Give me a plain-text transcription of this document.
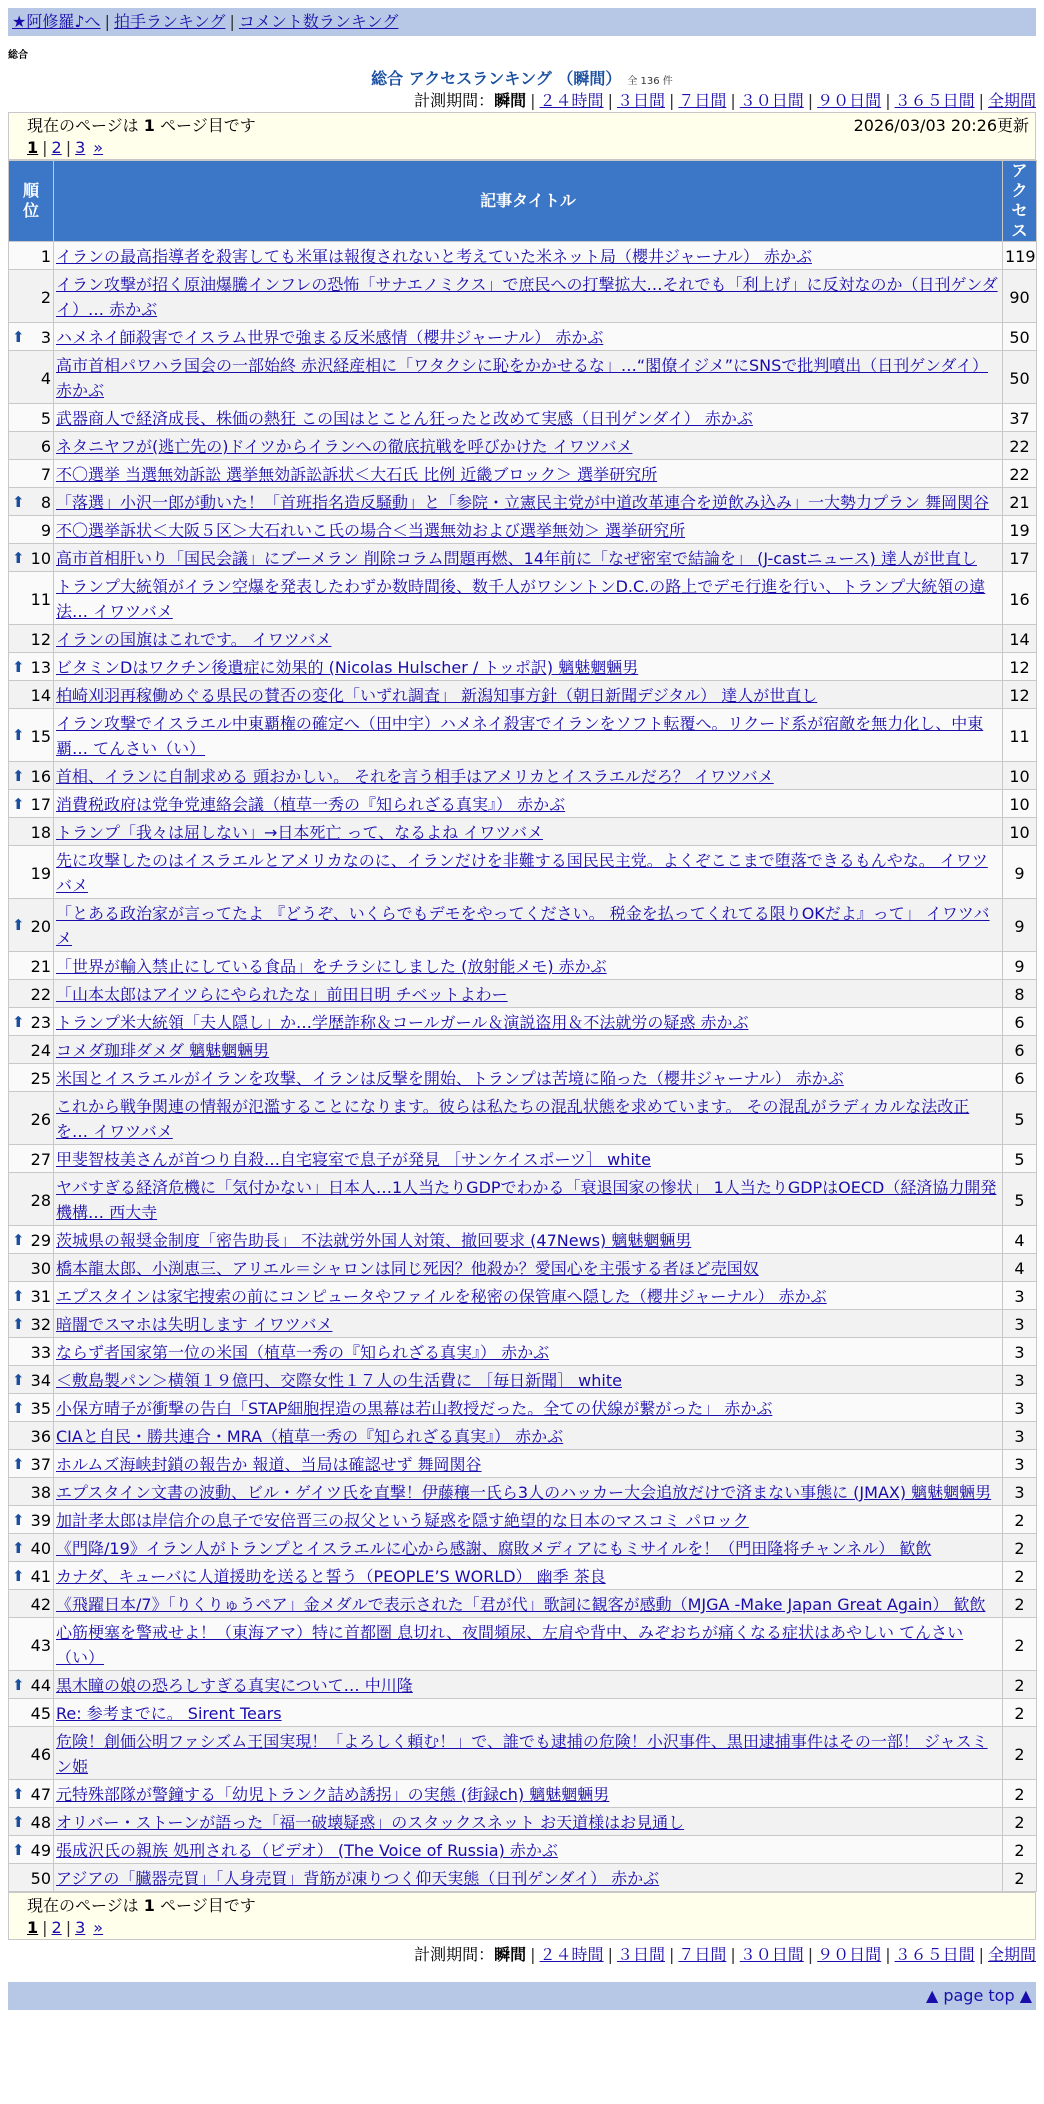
★阿修羅♪へ | 拍手ランキング | コメント数ランキング
総合
総合 アクセスランキング （瞬間） 全 136 件
計測期間：瞬間 | ２４時間 | ３日間 | ７日間 | ３０日間 | ９０日間 | ３６５日間 | 全期間
現在のページは 1 ページ目です	2026/03/03 20:26更新
1 | 2 | 3 »
順位	記事タイトル	アクセス
1	イランの最高指導者を殺害しても米軍は報復されないと考えていた米ネット局（櫻井ジャーナル） 赤かぶ	119
2	イラン攻撃が招く原油爆騰インフレの恐怖「サナエノミクス」で庶民への打撃拡大…それでも「利上げ」に反対なのか（日刊ゲンダイ）… 赤かぶ	90

⬆ 3	ハメネイ師殺害でイスラム世界で強まる反米感情（櫻井ジャーナル） 赤かぶ	50
4	高市首相パワハラ国会の一部始終 赤沢経産相に「ワタクシに恥をかかせるな」…“閣僚イジメ”にSNSで批判噴出（日刊ゲンダイ） 赤かぶ	50
5	武器商人で経済成長、株価の熱狂 この国はとことん狂ったと改めて実感（日刊ゲンダイ） 赤かぶ	37
6	ネタニヤフが(逃亡先の)ドイツからイランへの徹底抗戦を呼びかけた イワツバメ	22
7	不〇選挙 当選無効訴訟 選挙無効訴訟訴状＜大石氏 比例 近畿ブロック＞ 選挙研究所	22

⬆ 8	「落選」小沢一郎が動いた！「首班指名造反騒動」と「参院・立憲民主党が中道改革連合を逆飲み込み」一大勢力プラン 舞岡関谷	21
9	不〇選挙訴状＜大阪５区＞大石れいこ氏の場合＜当選無効および選挙無効＞ 選挙研究所	19

⬆ 10	高市首相肝いり「国民会議」にブーメラン 削除コラム問題再燃、14年前に「なぜ密室で結論を」 (J-castニュース) 達人が世直し	17
11	トランプ大統領がイラン空爆を発表したわずか数時間後、数千人がワシントンD.C.の路上でデモ行進を行い、トランプ大統領の違法… イワツバメ	16
12	イランの国旗はこれです。 イワツバメ	14

⬆ 13	ビタミンDはワクチン後遺症に効果的 (Nicolas Hulscher / トッポ訳) 魑魅魍魎男	12
14	柏崎刈羽再稼働めぐる県民の賛否の変化「いずれ調査」 新潟知事方針（朝日新聞デジタル） 達人が世直し	12

⬆ 15	イラン攻撃でイスラエル中東覇権の確定へ（田中宇）ハメネイ殺害でイランをソフト転覆へ。リクード系が宿敵を無力化し、中東覇… てんさい（い）	11

⬆ 16	首相、イランに自制求める 頭おかしい。 それを言う相手はアメリカとイスラエルだろ？ イワツバメ	10

⬆ 17	消費税政府は党争党連絡会議（植草一秀の『知られざる真実』） 赤かぶ	10
18	トランプ「我々は屈しない」→日本死亡 って、なるよね イワツバメ	10
19	先に攻撃したのはイスラエルとアメリカなのに、イランだけを非難する国民民主党。よくぞここまで堕落できるもんやな。 イワツバメ	9

⬆ 20	「とある政治家が言ってたよ 『どうぞ、いくらでもデモをやってください。 税金を払ってくれてる限りOKだよ』って」 イワツバメ	9
21	「世界が輸入禁止にしている食品」をチラシにしました (放射能メモ) 赤かぶ	9
22	「山本太郎はアイツらにやられたな」前田日明 チベットよわー	8

⬆ 23	トランプ米大統領「夫人隠し」か…学歴詐称＆コールガール＆演説盗用＆不法就労の疑惑 赤かぶ	6
24	コメダ珈琲ダメダ 魑魅魍魎男	6
25	米国とイスラエルがイランを攻撃、イランは反撃を開始、トランプは苦境に陥った（櫻井ジャーナル） 赤かぶ	6
26	これから戦争関連の情報が氾濫することになります。彼らは私たちの混乱状態を求めています。 その混乱がラディカルな法改正を… イワツバメ	5
27	甲斐智枝美さんが首つり自殺…自宅寝室で息子が発見 ［サンケイスポーツ］ white	5
28	ヤバすぎる経済危機に「気付かない」日本人…1人当たりGDPでわかる「衰退国家の惨状」 1人当たりGDPはOECD（経済協力開発機構… 西大寺	5

⬆ 29	茨城県の報奨金制度「密告助長」 不法就労外国人対策、撤回要求 (47News) 魑魅魍魎男	4
30	橋本龍太郎、小渕恵三、アリエル＝シャロンは同じ死因？他殺か？愛国心を主張する者ほど売国奴	4

⬆ 31	エプスタインは家宅捜索の前にコンピュータやファイルを秘密の保管庫へ隠した（櫻井ジャーナル） 赤かぶ	3

⬆ 32	暗闇でスマホは失明します イワツバメ	3
33	ならず者国家第一位の米国（植草一秀の『知られざる真実』） 赤かぶ	3

⬆ 34	＜敷島製パン＞横領１９億円、交際女性１７人の生活費に ［毎日新聞］ white	3

⬆ 35	小保方晴子が衝撃の告白「STAP細胞捏造の黒幕は若山教授だった。全ての伏線が繋がった」 赤かぶ	3
36	CIAと自民・勝共連合・MRA（植草一秀の『知られざる真実』） 赤かぶ	3

⬆ 37	ホルムズ海峡封鎖の報告か 報道、当局は確認せず 舞岡関谷	3
38	エプスタイン文書の波動、ビル・ゲイツ氏を直撃！伊藤穰一氏ら3人のハッカー大会追放だけで済まない事態に (JMAX) 魑魅魍魎男	3

⬆ 39	加計孝太郎は岸信介の息子で安倍晋三の叔父という疑惑を隠す絶望的な日本のマスコミ パロック	2

⬆ 40	《門降/19》イラン人がトランプとイスラエルに心から感謝、腐敗メディアにもミサイルを！（門田隆将チャンネル） 歓飲	2

⬆ 41	カナダ、キューバに人道援助を送ると誓う（PEOPLE’S WORLD） 幽季 茶良	2
42	《飛躍日本/7》「りくりゅうペア」金メダルで表示された「君が代」歌詞に観客が感動（MJGA -Make Japan Great Again） 歓飲	2
43	心筋梗塞を警戒せよ！（東海アマ）特に首都圏 息切れ、夜間頻尿、左肩や背中、みぞおちが痛くなる症状はあやしい てんさい（い）	2

⬆ 44	黒木瞳の娘の恐ろしすぎる真実について… 中川隆	2
45	Re: 参考までに。 Sirent Tears	2
46	危険！創価公明ファシズム王国実現！「よろしく頼む！」で、誰でも逮捕の危険！小沢事件、黒田逮捕事件はその一部！ ジャスミン姫	2

⬆ 47	元特殊部隊が警鐘する「幼児トランク詰め誘拐」の実態 (街録ch) 魑魅魍魎男	2

⬆ 48	オリバー・ストーンが語った「福一破壊疑惑」のスタックスネット お天道様はお見通し	2

⬆ 49	張成沢氏の親族 処刑される（ビデオ） (The Voice of Russia) 赤かぶ	2
50	アジアの「臓器売買」「人身売買」背筋が凍りつく仰天実態（日刊ゲンダイ） 赤かぶ	2
現在のページは 1 ページ目です
1 | 2 | 3 »
計測期間：瞬間 | ２４時間 | ３日間 | ７日間 | ３０日間 | ９０日間 | ３６５日間 | 全期間
▲ page top ▲
